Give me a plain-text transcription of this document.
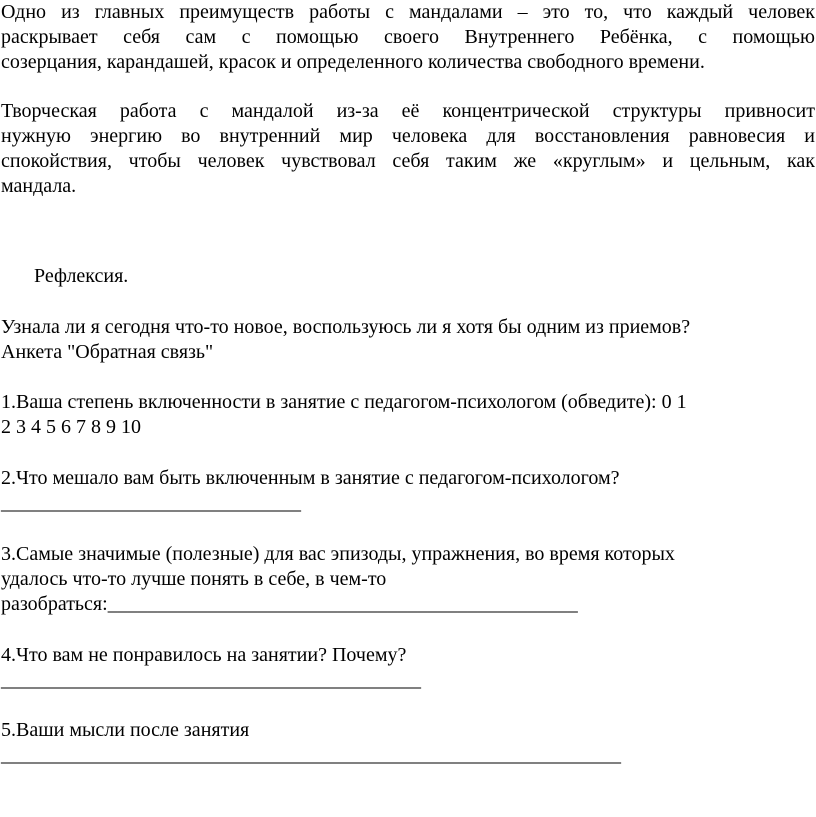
Одно из главных преимуществ работы с мандалами – это то, что каждый человек
раскрывает себя сам с помощью своего Внутреннего Ребёнка, с помощью
созерцания, карандашей, красок и определенного количества свободного времени.
Творческая работа с мандалой из-за её концентрической структуры привносит
нужную энергию во внутренний мир человека для восстановления равновесия и
спокойствия, чтобы человек чувствовал себя таким же «круглым» и цельным, как
мандала.
Рефлексия.
Узнала ли я сегодня что-то новое, воспользуюсь ли я хотя бы одним из приемов?
Анкета "Обратная связь"
1.Ваша степень включенности в занятие с педагогом-психологом (обведите): 0 1
2 3 4 5 6 7 8 9 10
2.Что мешало вам быть включенным в занятие с педагогом-психологом?
______________________________
3.Самые значимые (полезные) для вас эпизоды, упражнения, во время которых
удалось что-то лучше понять в себе, в чем-то
разобраться:_______________________________________________
4.Что вам не понравилось на занятии? Почему?
__________________________________________
5.Ваши мысли после занятия
______________________________________________________________
